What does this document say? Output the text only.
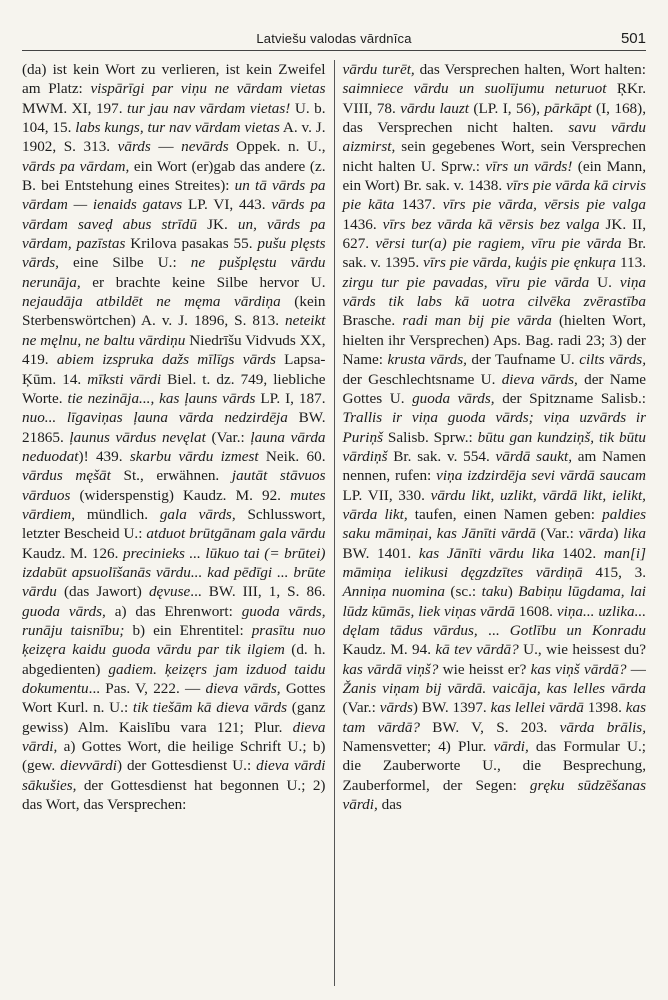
Latviešu valodas vārdnīca	501

(da) ist kein Wort zu verlieren, ist kein Zweifel am Platz: vispārīgi par viņu ne vārdam vietas MWM. XI, 197. tur jau nav vārdam vietas! U. b. 104, 15. labs kungs, tur nav vārdam vietas A. v. J. 1902, S. 313. vārds — nevārds Oppek. n. U., vārds pa vārdam, ein Wort (er)gab das andere (z. B. bei Entstehung eines Streites): un tā vārds pa vārdam — ienaids gatavs LP. VI, 443. vārds pa vārdam saveḑ abus strīdū JK. un, vārds pa vārdam, pazīstas Krilova pasakas 55. pušu plęsts vārds, eine Silbe U.: ne pušplęstu vārdu nerunāja, er brachte keine Silbe hervor U. nejaudāja atbildēt ne męma vārdiņa (kein Sterbenswörtchen) A. v. J. 1896, S. 813. neteikt ne męlnu, ne baltu vārdiņu Niedrīšu Vidvuds XX, 419. abiem izspruka dažs mīlīgs vārds Lapsa-Ķūm. 14. mīksti vārdi Biel. t. dz. 749, liebliche Worte. tie nezināja..., kas ļauns vārds LP. I, 187. nuo... līgaviņas ļauna vārda nedzirdēja BW. 21865. ļaunus vārdus nevęlat (Var.: ļauna vārda neduodat)! 439. skarbu vārdu izmest Neik. 60. vārdus męšāt St., erwähnen. jautāt stāvuos vārduos (widerspenstig) Kaudz. M. 92. mutes vārdiem, mündlich. gala vārds, Schlusswort, letzter Bescheid U.: atduot brūtgānam gala vārdu Kaudz. M. 126. precinieks ... lūkuo tai (= brūtei) izdabūt apsuolīšanās vārdu... kad pēdīgi ... brūte vārdu (das Jawort) dęvuse... BW. III, 1, S. 86. guoda vārds, a) das Ehrenwort: guoda vārds, runāju taisnību; b) ein Ehrentitel: prasītu nuo ķeizęra kaidu guoda vārdu par tik ilgiem (d. h. abgedienten) gadiem. ķeizęrs jam izduod taidu dokumentu... Pas. V, 222. — dieva vārds, Gottes Wort Kurl. n. U.: tik tiešām kā dieva vārds (ganz gewiss) Alm. Kaislību vara 121; Plur. dieva vārdi, a) Gottes Wort, die heilige Schrift U.; b) (gew. dievvārdi) der Gottesdienst U.: dieva vārdi sākušies, der Gottesdienst hat begonnen U.; 2) das Wort, das Versprechen:

vārdu turēt, das Versprechen halten, Wort halten: saimniece vārdu un suolījumu neturuot ŖKr. VIII, 78. vārdu lauzt (LP. I, 56), pārkāpt (I, 168), das Versprechen nicht halten. savu vārdu aizmirst, sein gegebenes Wort, sein Versprechen nicht halten U. Sprw.: vīrs un vārds! (ein Mann, ein Wort) Br. sak. v. 1438. vīrs pie vārda kā cirvis pie kāta 1437. vīrs pie vārda, vērsis pie valga 1436. vīrs bez vārda kā vērsis bez valga JK. II, 627. vērsi tur(a) pie ragiem, vīru pie vārda Br. sak. v. 1395. vīrs pie vārda, kuģis pie ęnkuŗa 113. zirgu tur pie pavadas, vīru pie vārda U. viņa vārds tik labs kā uotra cilvēka zvērastība Brasche. radi man bij pie vārda (hielten Wort, hielten ihr Versprechen) Aps. Bag. radi 23; 3) der Name: krusta vārds, der Taufname U. cilts vārds, der Geschlechtsname U. dieva vārds, der Name Gottes U. guoda vārds, der Spitzname Salisb.: Trallis ir viņa guoda vārds; viņa uzvārds ir Puriņš Salisb. Sprw.: būtu gan kundziņš, tik būtu vārdiņš Br. sak. v. 554. vārdā saukt, am Namen nennen, rufen: viņa izdzirdēja sevi vārdā saucam LP. VII, 330. vārdu likt, uzlikt, vārdā likt, ielikt, vārda likt, taufen, einen Namen geben: paldies saku māmiņai, kas Jānīti vārdā (Var.: vārda) lika BW. 1401. kas Jānīti vārdu lika 1402. man[i] māmiņa ielikusi dęgzdzītes vārdiņā 415, 3. Anniņa nuomina (sc.: taku) Babiņu lūgdama, lai lūdz kūmās, liek viņas vārdā 1608. viņa... uzlika... dęlam tādus vārdus, ... Gotlību un Konradu Kaudz. M. 94. kā tev vārdā? U., wie heissest du? kas vārdā viņš? wie heisst er? kas viņš vārdā? — Žanis viņam bij vārdā. vaicāja, kas lelles vārda (Var.: vārds) BW. 1397. kas lellei vārdā 1398. kas tam vārdā? BW. V, S. 203. vārda brālis, Namensvetter; 4) Plur. vārdi, das Formular U.; die Zauberworte U., die Besprechung, Zauberformel, der Segen: gręku sūdzēšanas vārdi, das
